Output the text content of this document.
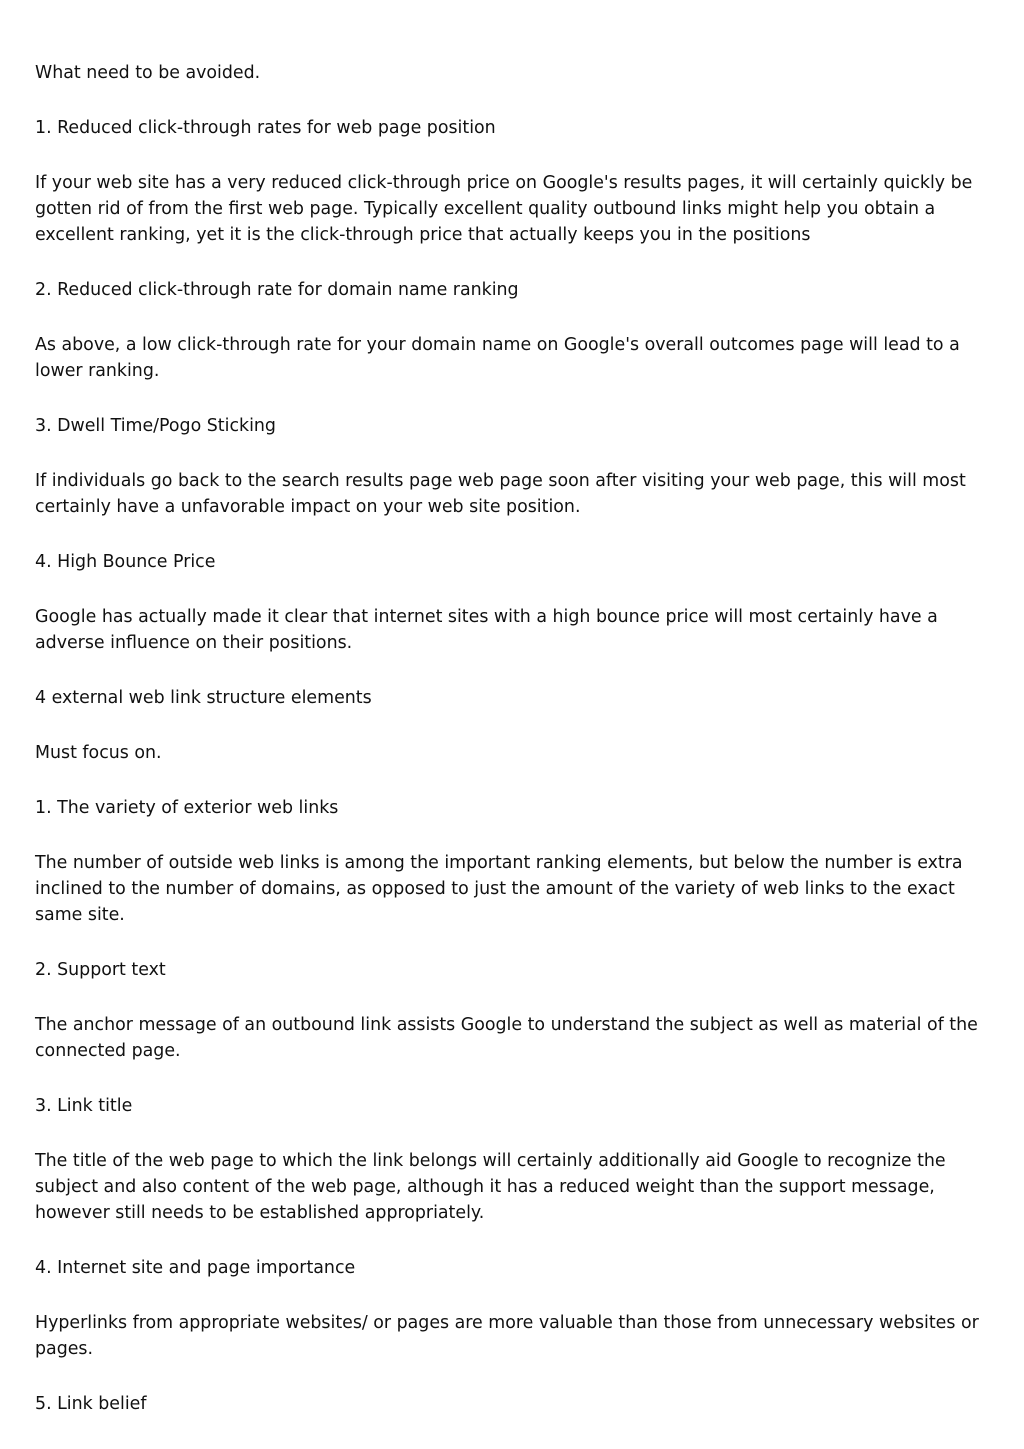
What need to be avoided.

1. Reduced click-through rates for web page position

If your web site has a very reduced click-through price on Google's results pages, it will certainly quickly be gotten rid of from the first web page. Typically excellent quality outbound links might help you obtain a excellent ranking, yet it is the click-through price that actually keeps you in the positions

2. Reduced click-through rate for domain name ranking

As above, a low click-through rate for your domain name on Google's overall outcomes page will lead to a lower ranking.

3. Dwell Time/Pogo Sticking

If individuals go back to the search results page web page soon after visiting your web page, this will most certainly have a unfavorable impact on your web site position.

4. High Bounce Price

Google has actually made it clear that internet sites with a high bounce price will most certainly have a adverse influence on their positions.

4 external web link structure elements

Must focus on.

1. The variety of exterior web links

The number of outside web links is among the important ranking elements, but below the number is extra inclined to the number of domains, as opposed to just the amount of the variety of web links to the exact same site.

2. Support text

The anchor message of an outbound link assists Google to understand the subject as well as material of the connected page.

3. Link title

The title of the web page to which the link belongs will certainly additionally aid Google to recognize the subject and also content of the web page, although it has a reduced weight than the support message, however still needs to be established appropriately.

4. Internet site and page importance

Hyperlinks from appropriate websites/ or pages are more valuable than those from unnecessary websites or pages.

5. Link belief
